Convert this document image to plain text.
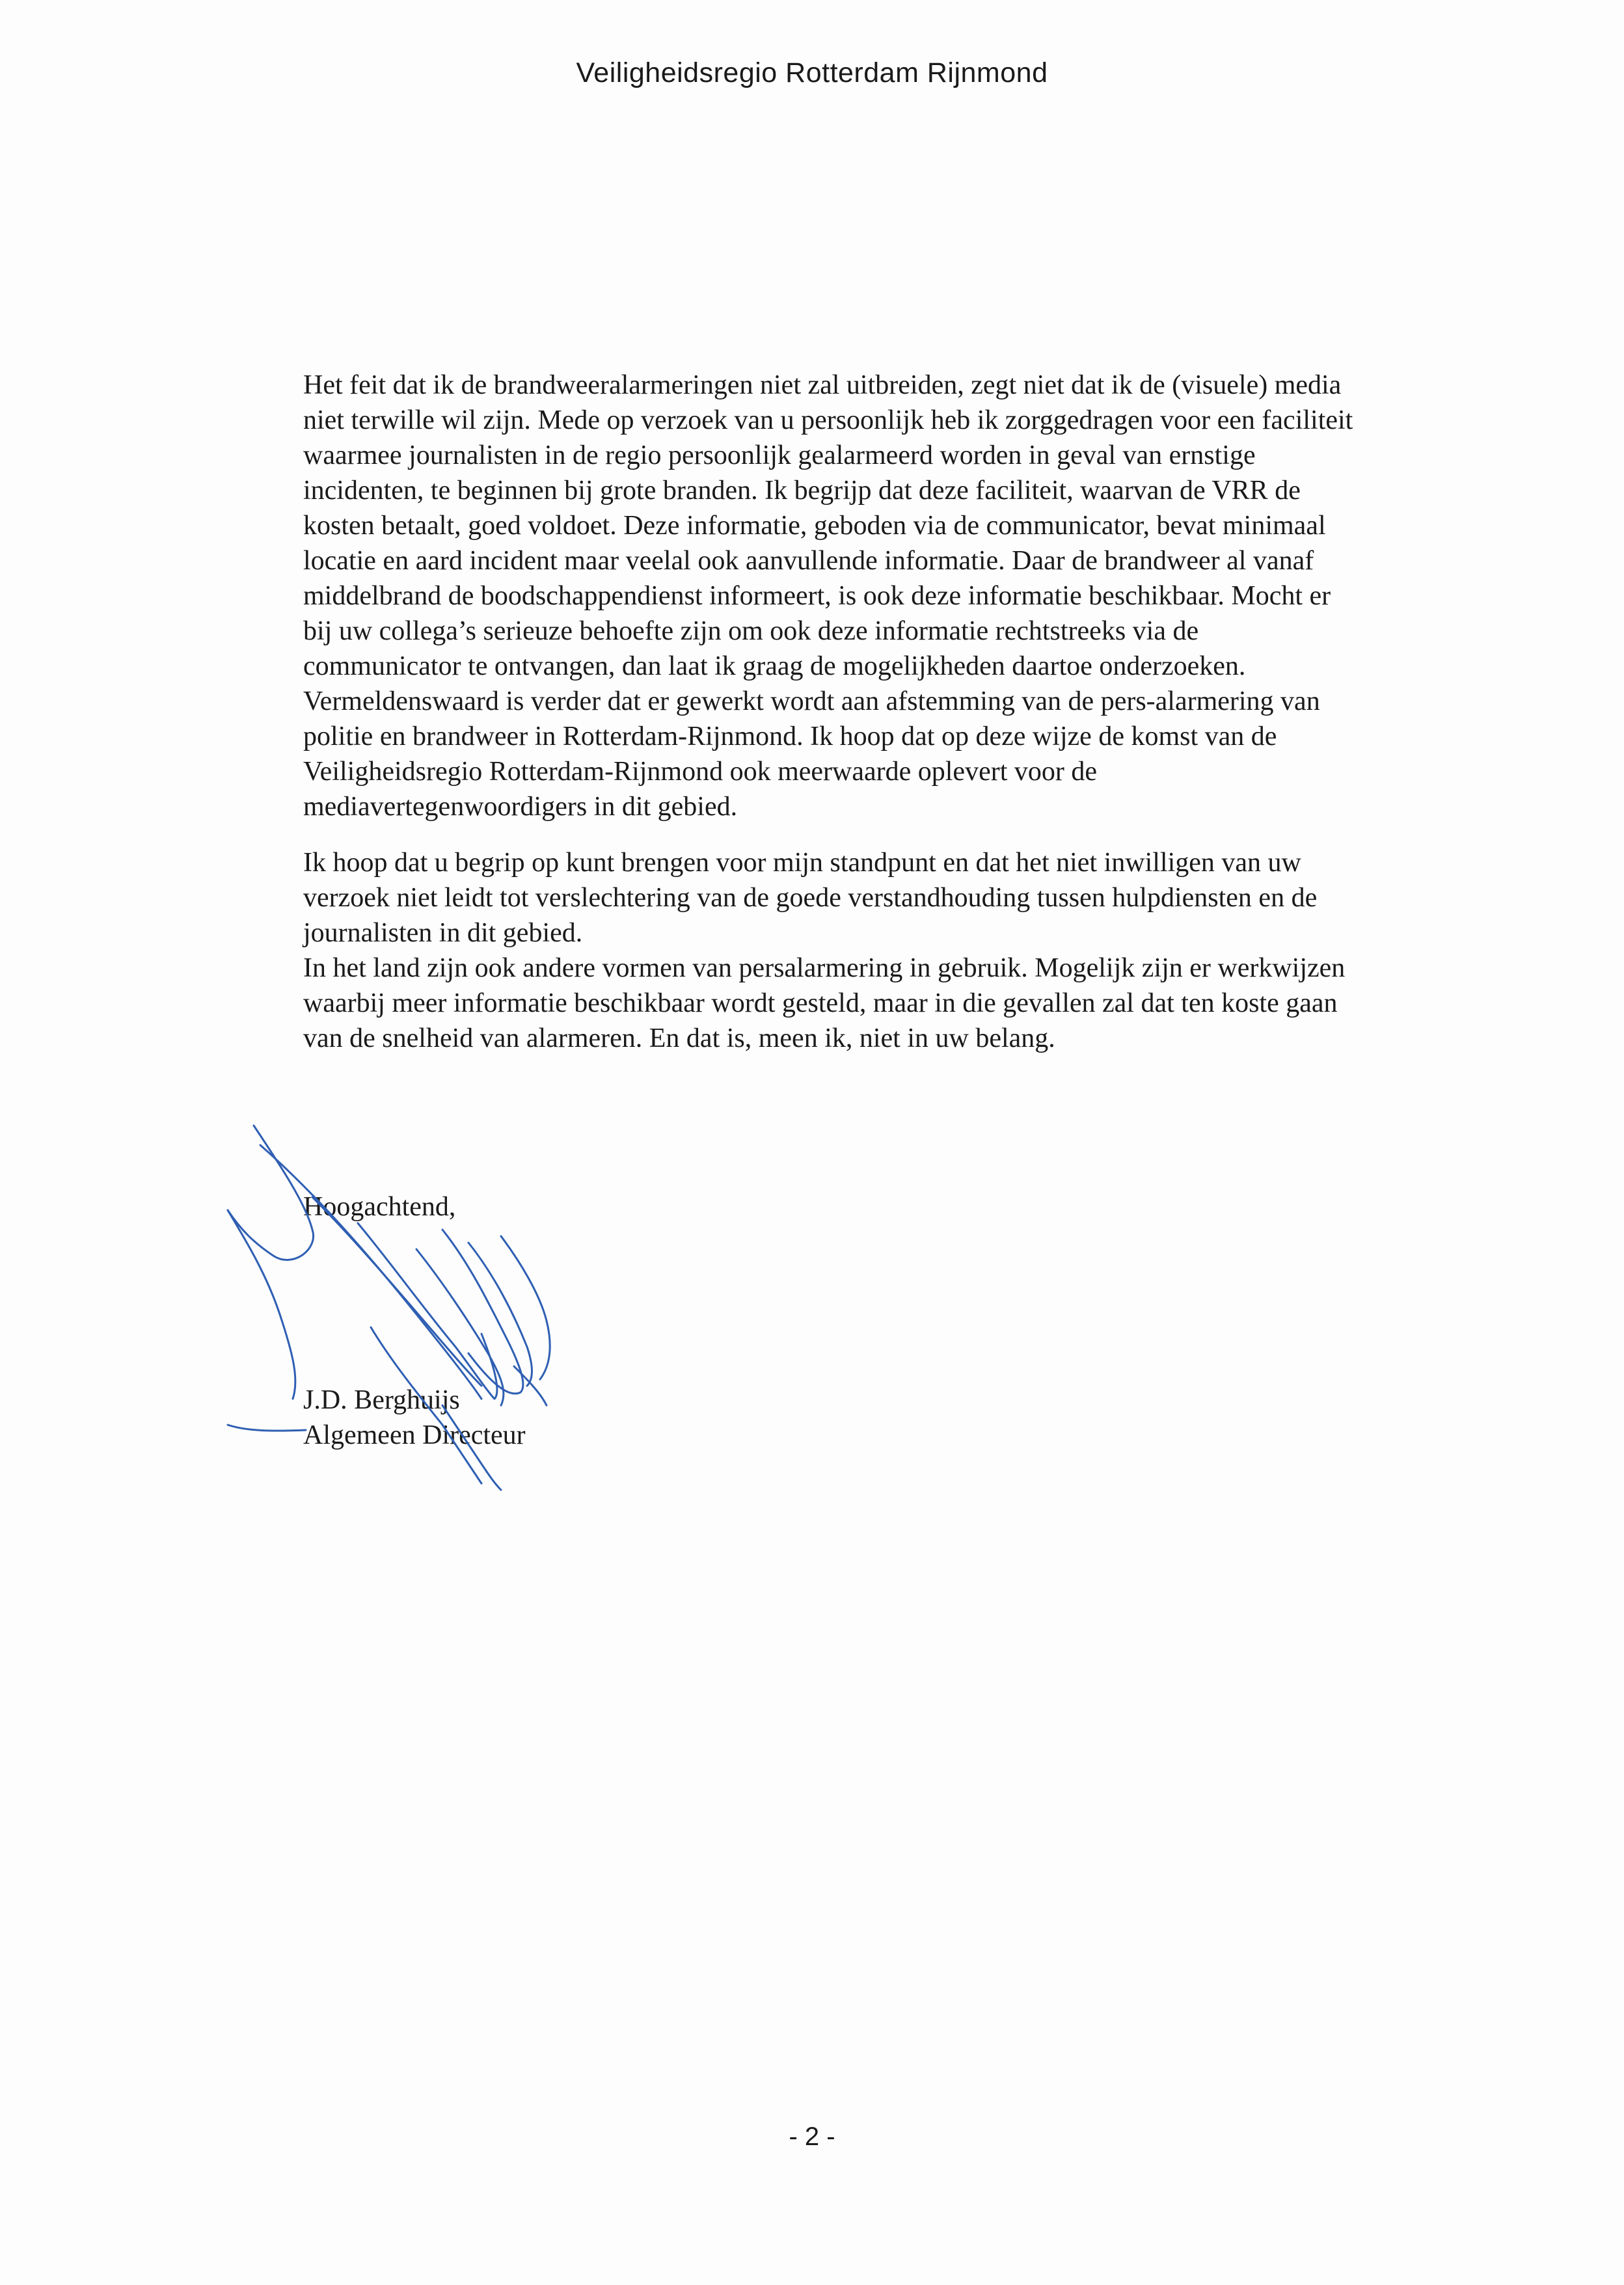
Veiligheidsregio Rotterdam Rijnmond
Het feit dat ik de brandweeralarmeringen niet zal uitbreiden, zegt niet dat ik de (visuele) media
niet terwille wil zijn. Mede op verzoek van u persoonlijk heb ik zorggedragen voor een faciliteit
waarmee journalisten in de regio persoonlijk gealarmeerd worden in geval van ernstige
incidenten, te beginnen bij grote branden. Ik begrijp dat deze faciliteit, waarvan de VRR de
kosten betaalt, goed voldoet. Deze informatie, geboden via de communicator, bevat minimaal
locatie en aard incident maar veelal ook aanvullende informatie. Daar de brandweer al vanaf
middelbrand de boodschappendienst informeert, is ook deze informatie beschikbaar. Mocht er
bij uw collega’s serieuze behoefte zijn om ook deze informatie rechtstreeks via de
communicator te ontvangen, dan laat ik graag de mogelijkheden daartoe onderzoeken.
Vermeldenswaard is verder dat er gewerkt wordt aan afstemming van de pers-alarmering van
politie en brandweer in Rotterdam-Rijnmond. Ik hoop dat op deze wijze de komst van de
Veiligheidsregio Rotterdam-Rijnmond ook meerwaarde oplevert voor de
mediavertegenwoordigers in dit gebied.
Ik hoop dat u begrip op kunt brengen voor mijn standpunt en dat het niet inwilligen van uw
verzoek niet leidt tot verslechtering van de goede verstandhouding tussen hulpdiensten en de
journalisten in dit gebied.
In het land zijn ook andere vormen van persalarmering in gebruik. Mogelijk zijn er werkwijzen
waarbij meer informatie beschikbaar wordt gesteld, maar in die gevallen zal dat ten koste gaan
van de snelheid van alarmeren. En dat is, meen ik, niet in uw belang.
Hoogachtend,
J.D. Berghuijs
Algemeen Directeur
- 2 -
